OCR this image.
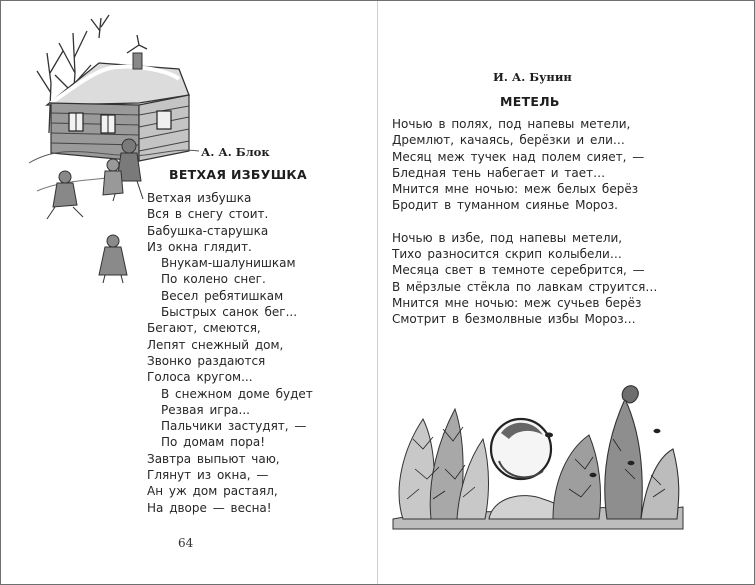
А. А. Блок
ВЕТХАЯ ИЗБУШКА
Ветхая избушка
Вся в снегу стоит.
Бабушка-старушка
Из окна глядит.
Внукам-шалунишкам
По колено снег.
Весел ребятишкам
Быстрых санок бег...
Бегают, смеются,
Лепят снежный дом,
Звонко раздаются
Голоса кругом...
В снежном доме будет
Резвая игра...
Пальчики застудят, —
По домам пора!
Завтра выпьют чаю,
Глянут из окна, —
Ан уж дом растаял,
На дворе — весна!
64
И. А. Бунин
МЕТЕЛЬ
Ночью в полях, под напевы метели,
Дремлют, качаясь, берёзки и ели…
Месяц меж тучек над полем сияет, —
Бледная тень набегает и тает…
Мнится мне ночью: меж белых берёз
Бродит в туманном сиянье Мороз.
Ночью в избе, под напевы метели,
Тихо разносится скрип колыбели…
Месяца свет в темноте серебрится, —
В мёрзлые стёкла по лавкам струится…
Мнится мне ночью: меж сучьев берёз
Смотрит в безмолвные избы Мороз…
